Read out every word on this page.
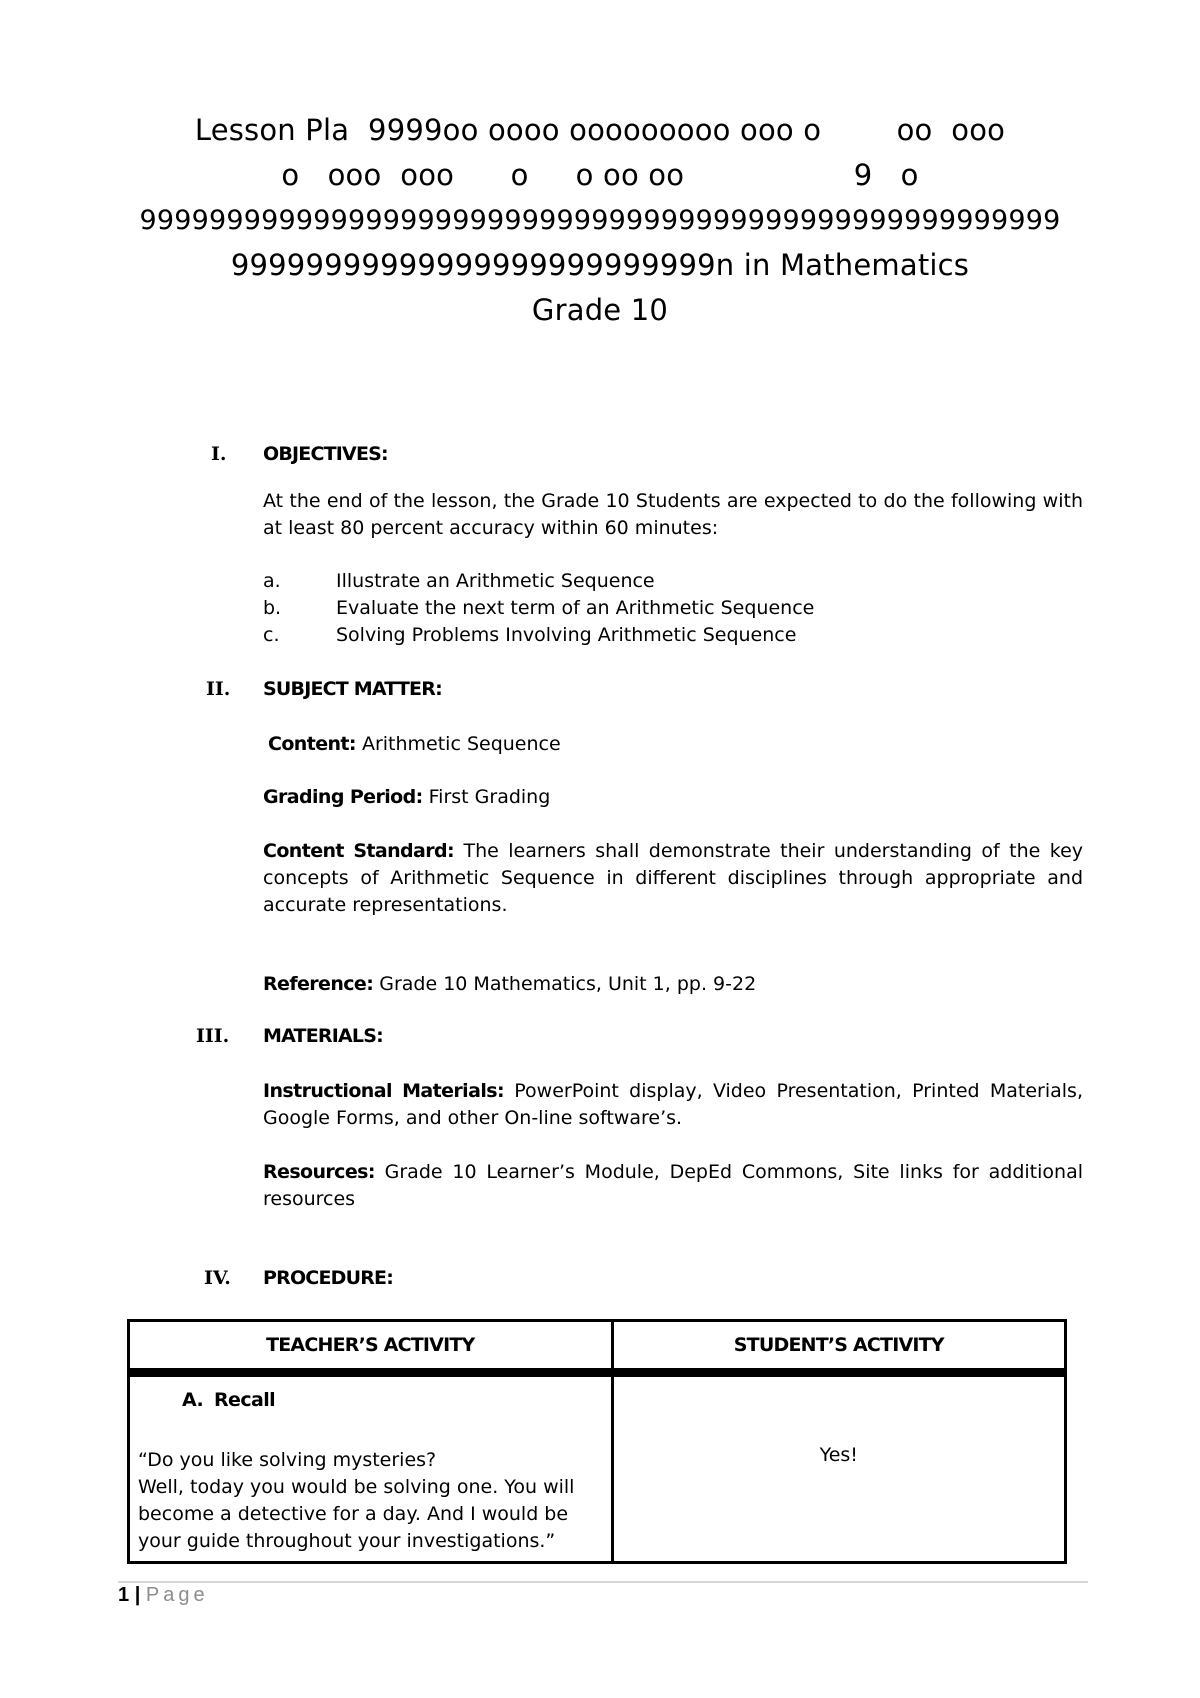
Lesson Pla  9999oo oooo ooooooooo ooo o        oo  ooo
o   ooo  ooo      o     o oo oo                  9   o
99999999999999999999999999999999999999999999999999999
99999999999999999999999999n in Mathematics
Grade 10
I. OBJECTIVES:
At the end of the lesson, the Grade 10 Students are expected to do the following with at least 80 percent accuracy within 60 minutes:
a.	Illustrate an Arithmetic Sequence
b.	Evaluate the next term of an Arithmetic Sequence
c.	Solving Problems Involving Arithmetic Sequence
II. SUBJECT MATTER:
Content: Arithmetic Sequence
Grading Period: First Grading
Content Standard: The learners shall demonstrate their understanding of the key concepts of Arithmetic Sequence in different disciplines through appropriate and accurate representations.
Reference: Grade 10 Mathematics, Unit 1, pp. 9-22
III. MATERIALS:
Instructional Materials: PowerPoint display, Video Presentation, Printed Materials, Google Forms, and other On-line software’s.
Resources: Grade 10 Learner’s Module, DepEd Commons, Site links for additional resources
IV. PROCEDURE:
TEACHER’S ACTIVITY	STUDENT’S ACTIVITY

A. Recall
“Do you like solving mysteries?
Well, today you would be solving one. You will become a detective for a day. And I would be your guide throughout your investigations.”	Yes!
1 | Page
